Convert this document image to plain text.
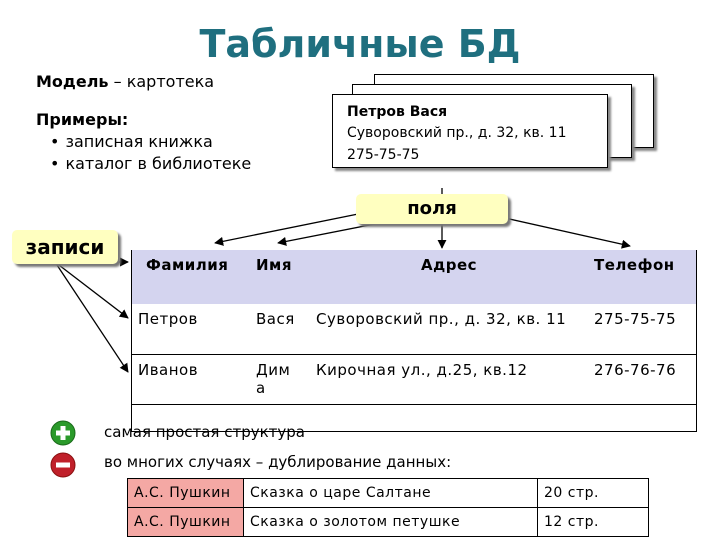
Табличные БД
Модель – картотека
Примеры:
• записная книжка
• каталог в библиотеке
Петров Вася
Суворовский пр., д. 32, кв. 11
275-75-75
поля
записи
Фамилия	Имя	Адрес	Телефон
Петров	Вася	Суворовский пр., д. 32, кв. 11	275-75-75
Иванов	Дим а	Кирочная ул., д.25, кв.12	276-76-76
самая простая структура
во многих случаях – дублирование данных:
А.С. Пушкин	Сказка о царе Салтане	20 стр.
А.С. Пушкин	Сказка о золотом петушке	12 стр.
